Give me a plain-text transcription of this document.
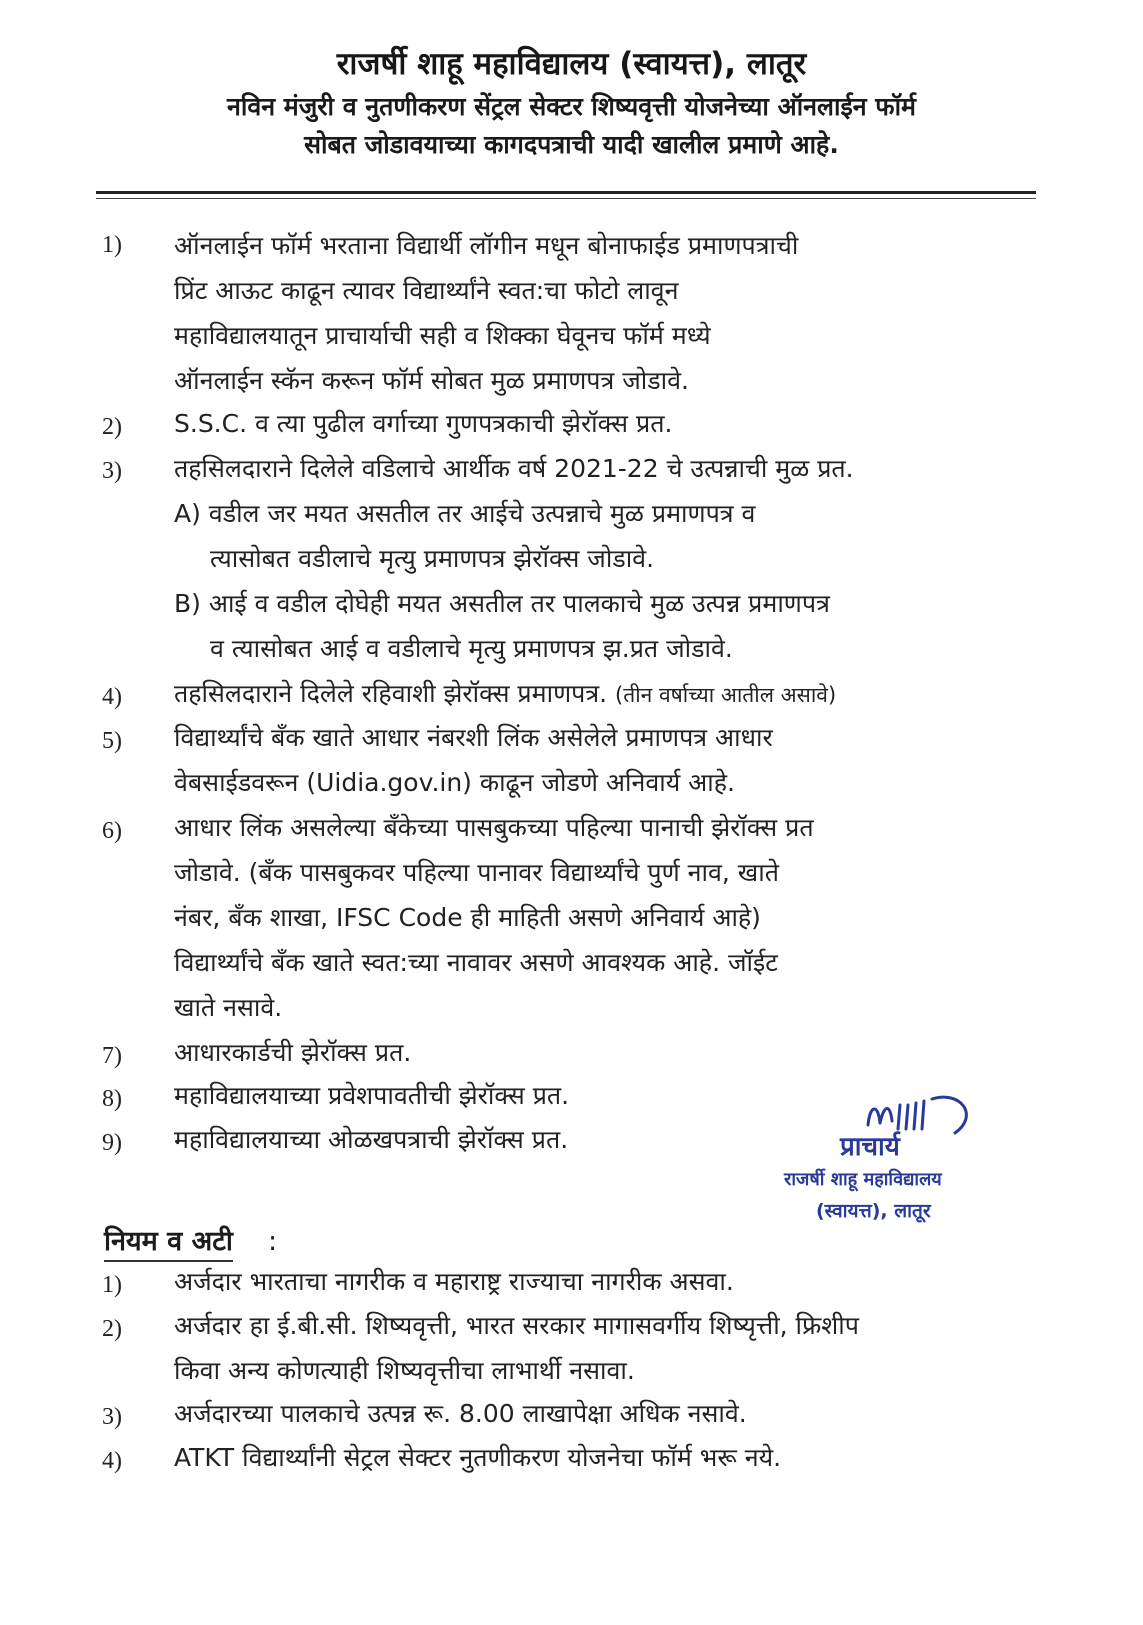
राजर्षी शाहू महाविद्यालय (स्वायत्त), लातूर
नविन मंजुरी व नुतणीकरण सेंट्रल सेक्टर शिष्यवृत्ती योजनेच्या ऑनलाईन फॉर्म
सोबत जोडावयाच्या कागदपत्राची यादी खालील प्रमाणे आहे.
1) ऑनलाईन फॉर्म भरताना विद्यार्थी लॉगीन मधून बोनाफाईड प्रमाणपत्राची
प्रिंट आऊट काढून त्यावर विद्यार्थ्यांने स्वत:चा फोटो लावून
महाविद्यालयातून प्राचार्याची सही व शिक्का घेवूनच फॉर्म मध्ये
ऑनलाईन स्कॅन करून फॉर्म सोबत मुळ प्रमाणपत्र जोडावे.
2) S.S.C. व त्या पुढील वर्गाच्या गुणपत्रकाची झेरॉक्स प्रत.
3) तहसिलदाराने दिलेले वडिलाचे आर्थीक वर्ष 2021-22 चे उत्पन्नाची मुळ प्रत.
A) वडील जर मयत असतील तर आईचे उत्पन्नाचे मुळ प्रमाणपत्र व
त्यासोबत वडीलाचे मृत्यु प्रमाणपत्र झेरॉक्स जोडावे.
B) आई व वडील दोघेही मयत असतील तर पालकाचे मुळ उत्पन्न प्रमाणपत्र
व त्यासोबत आई व वडीलाचे मृत्यु प्रमाणपत्र झ.प्रत जोडावे.
4) तहसिलदाराने दिलेले रहिवाशी झेरॉक्स प्रमाणपत्र. (तीन वर्षाच्या आतील असावे)
5) विद्यार्थ्यांचे बँक खाते आधार नंबरशी लिंक असेलेले प्रमाणपत्र आधार
वेबसाईडवरून (Uidia.gov.in) काढून जोडणे अनिवार्य आहे.
6) आधार लिंक असलेल्या बँकेच्या पासबुकच्या पहिल्या पानाची झेरॉक्स प्रत
जोडावे. (बँक पासबुकवर पहिल्या पानावर विद्यार्थ्यांचे पुर्ण नाव, खाते
नंबर, बँक शाखा, IFSC Code ही माहिती असणे अनिवार्य आहे)
विद्यार्थ्यांचे बँक खाते स्वत:च्या नावावर असणे आवश्यक आहे. जॉईट
खाते नसावे.
7) आधारकार्डची झेरॉक्स प्रत.
8) महाविद्यालयाच्या प्रवेशपावतीची झेरॉक्स प्रत.
9) महाविद्यालयाच्या ओळखपत्राची झेरॉक्स प्रत.	प्राचार्य
राजर्षी शाहू महाविद्यालय
(स्वायत्त), लातूर
नियम व अटी :
1) अर्जदार भारताचा नागरीक व महाराष्ट्र राज्याचा नागरीक असवा.
2) अर्जदार हा ई.बी.सी. शिष्यवृत्ती, भारत सरकार मागासवर्गीय शिष्यृत्ती, फ्रिशीप
किवा अन्य कोणत्याही शिष्यवृत्तीचा लाभार्थी नसावा.
3) अर्जदारच्या पालकाचे उत्पन्न रू. 8.00 लाखापेक्षा अधिक नसावे.
4) ATKT विद्यार्थ्यांनी सेट्रल सेक्टर नुतणीकरण योजनेचा फॉर्म भरू नये.
